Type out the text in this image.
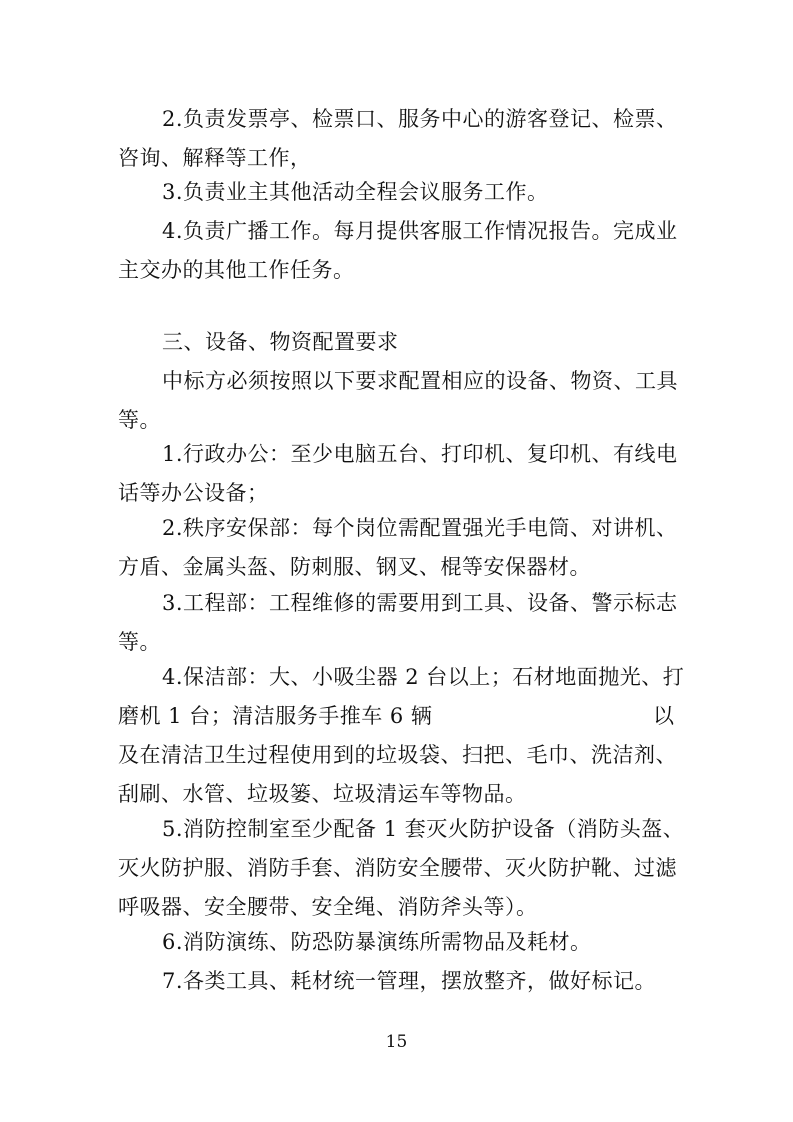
2.负责发票亭、检票口、服务中心的游客登记、检票、
咨询、解释等工作，
3.负责业主其他活动全程会议服务工作。
4.负责广播工作。每月提供客服工作情况报告。完成业
主交办的其他工作任务。
三、设备、物资配置要求
中标方必须按照以下要求配置相应的设备、物资、工具
等。
1.行政办公：至少电脑五台、打印机、复印机、有线电
话等办公设备；
2.秩序安保部：每个岗位需配置强光手电筒、对讲机、
方盾、金属头盔、防刺服、钢叉、棍等安保器材。
3.工程部：工程维修的需要用到工具、设备、警示标志
等。
4.保洁部：大、小吸尘器 2 台以上；石材地面抛光、打
磨机 1 台；清洁服务手推车 6 辆	以
及在清洁卫生过程使用到的垃圾袋、扫把、毛巾、洗洁剂、
刮刷、水管、垃圾篓、垃圾清运车等物品。
5.消防控制室至少配备 1 套灭火防护设备（消防头盔、
灭火防护服、消防手套、消防安全腰带、灭火防护靴、过滤
呼吸器、安全腰带、安全绳、消防斧头等）。
6.消防演练、防恐防暴演练所需物品及耗材。
7.各类工具、耗材统一管理，摆放整齐，做好标记。
15
